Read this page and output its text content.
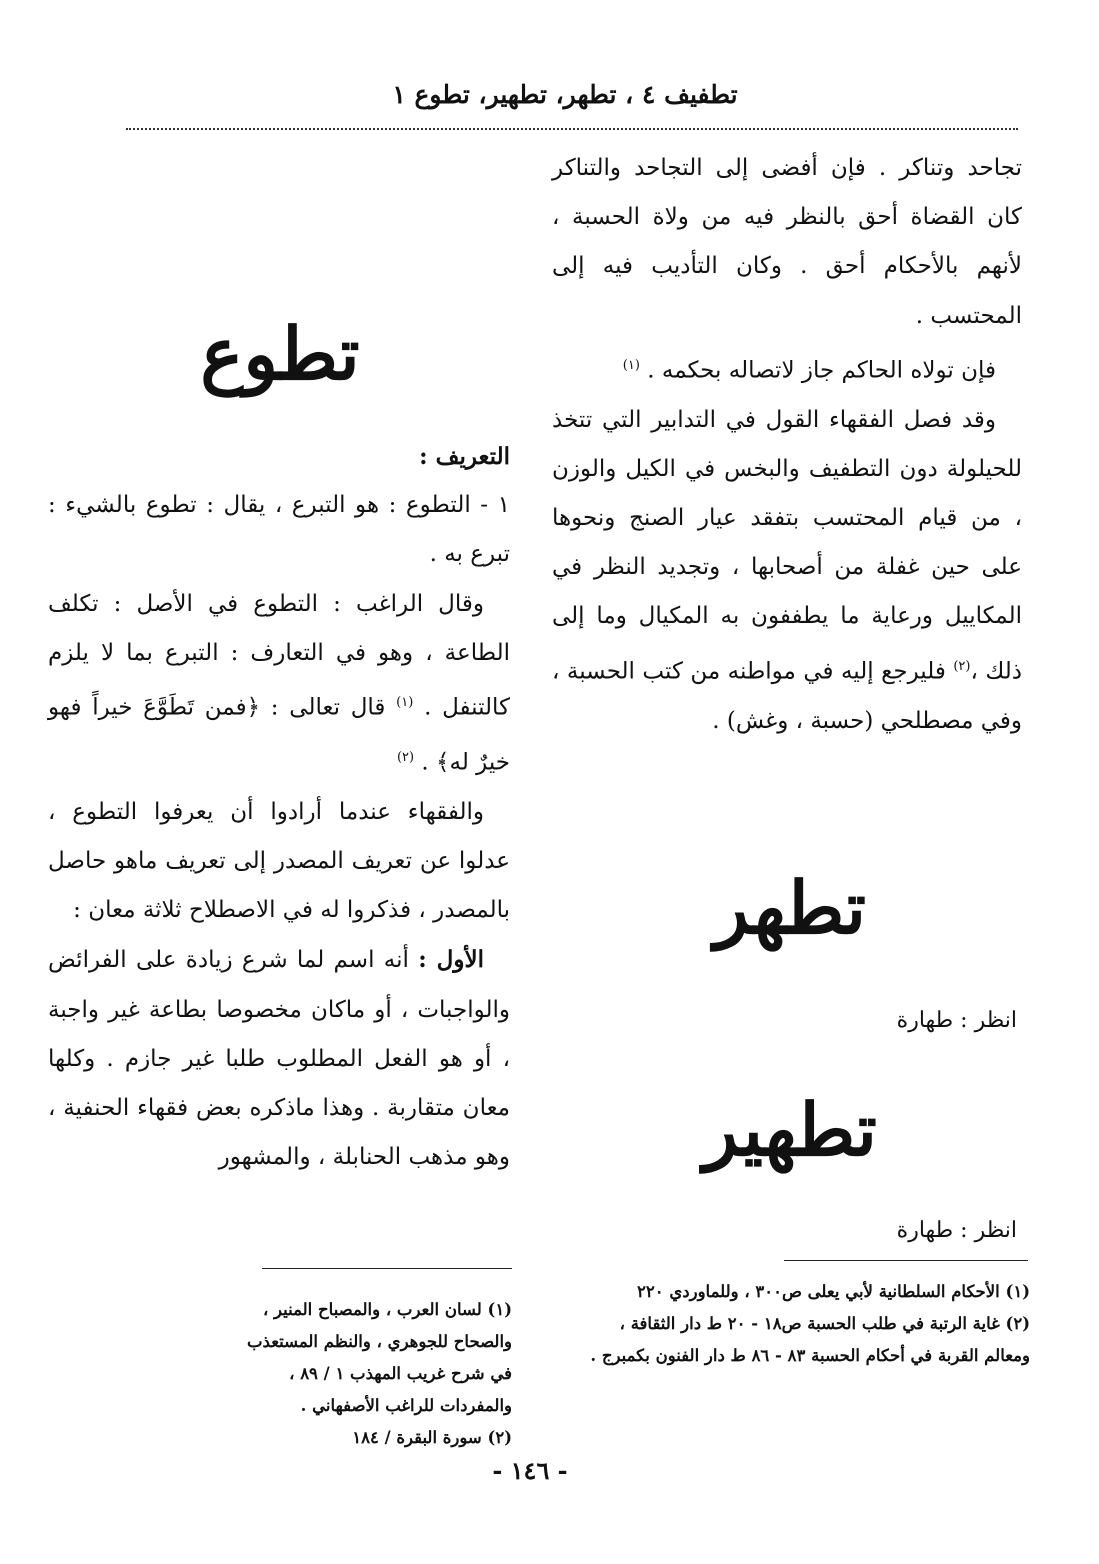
تطفيف ٤ ، تطهر، تطهير، تطوع ١

تجاحد وتناكر . فإن أفضى إلى التجاحد والتناكر كان القضاة أحق بالنظر فيه من ولاة الحسبة ، لأنهم بالأحكام أحق . وكان التأديب فيه إلى المحتسب .

فإن تولاه الحاكم جاز لاتصاله بحكمه . $^{(١)}$

وقد فصل الفقهاء القول في التدابير التي تتخذ للحيلولة دون التطفيف والبخس في الكيل والوزن ، من قيام المحتسب بتفقد عيار الصنج ونحوها على حين غفلة من أصحابها ، وتجديد النظر في المكاييل ورعاية ما يطففون به المكيال وما إلى ذلك ،$^{(٢)}$ فليرجع إليه في مواطنه من كتب الحسبة ، وفي مصطلحي (حسبة ، وغش) .

تطوع
تطهر
انظر : طهارة
تطهير
انظر : طهارة

التعريف :

١ - التطوع : هو التبرع ، يقال : تطوع بالشيء : تبرع به .

وقال الراغب : التطوع في الأصل : تكلف الطاعة ، وهو في التعارف : التبرع بما لا يلزم كالتنفل . $^{(١)}$ قال تعالى : ﴿فمن تَطَوَّعَ خيراً فهو خيرٌ له﴾ . $^{(٢)}$

والفقهاء عندما أرادوا أن يعرفوا التطوع ، عدلوا عن تعريف المصدر إلى تعريف ماهو حاصل بالمصدر ، فذكروا له في الاصطلاح ثلاثة معان :

الأول : أنه اسم لما شرع زيادة على الفرائض والواجبات ، أو ماكان مخصوصا بطاعة غير واجبة ، أو هو الفعل المطلوب طلبا غير جازم . وكلها معان متقاربة . وهذا ماذكره بعض فقهاء الحنفية ، وهو مذهب الحنابلة ، والمشهور

(١) لسان العرب ، والمصباح المنير ، والصحاح للجوهري ، والنظم المستعذب في شرح غريب المهذب ١ / ٨٩ ، والمفردات للراغب الأصفهاني .

(٢) سورة البقرة / ١٨٤

(١) الأحكام السلطانية لأبي يعلى ص٣٠٠ ، وللماوردي ٢٢٠

(٢) غاية الرتبة في طلب الحسبة ص١٨ - ٢٠ ط دار الثقافة ، ومعالم القربة في أحكام الحسبة ٨٣ - ٨٦ ط دار الفنون بكمبرج .

- ١٤٦ -
